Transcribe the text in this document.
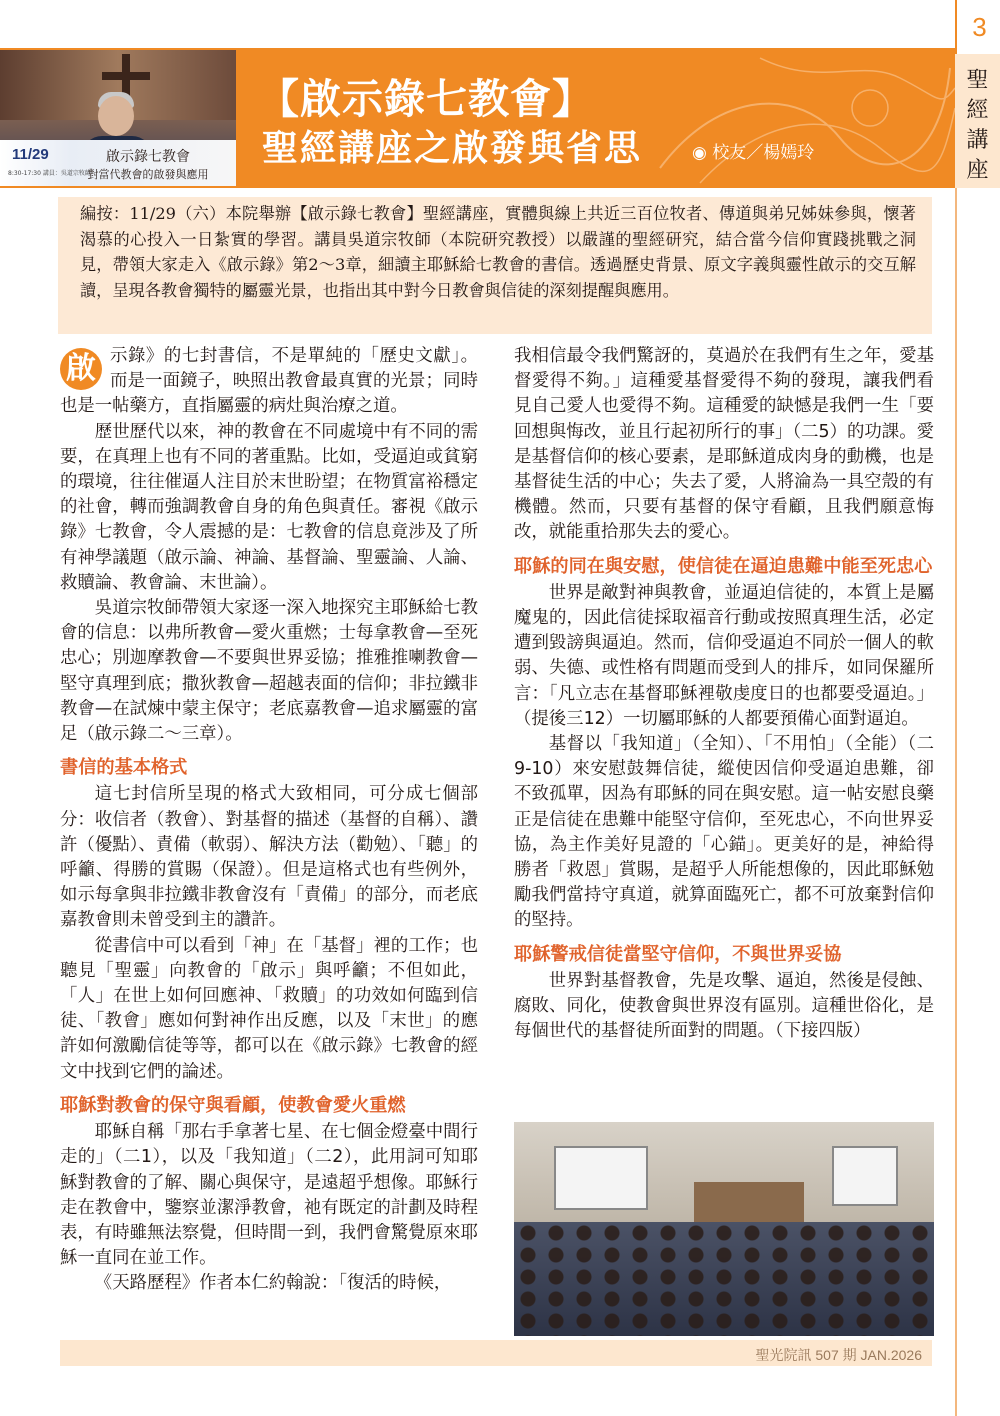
11/29
8:30-17:30 講員：吳道宗牧師
啟示錄七教會
對當代教會的啟發與應用
【啟示錄七教會】
聖經講座之啟發與省思	◉ 校友／楊嫣玲
3
聖
經
講
座
編按：11/29（六）本院舉辦【啟示錄七教會】聖經講座，實體與線上共近三百位牧者、傳道與弟兄姊妹參與，懷著渴慕的心投入一日紮實的學習。講員吳道宗牧師（本院研究教授）以嚴謹的聖經研究，結合當今信仰實踐挑戰之洞見，帶領大家走入《啟示錄》第2～3章，細讀主耶穌給七教會的書信。透過歷史背景、原文字義與靈性啟示的交互解讀，呈現各教會獨特的屬靈光景，也指出其中對今日教會與信徒的深刻提醒與應用。

啟 示錄》的七封書信，不是單純的「歷史文獻」。而是一面鏡子，映照出教會最真實的光景；同時也是一帖藥方，直指屬靈的病灶與治療之道。

歷世歷代以來，神的教會在不同處境中有不同的需要，在真理上也有不同的著重點。比如，受逼迫或貧窮的環境，往往催逼人注目於末世盼望；在物質富裕穩定的社會，轉而強調教會自身的角色與責任。審視《啟示錄》七教會，令人震撼的是：七教會的信息竟涉及了所有神學議題（啟示論、神論、基督論、聖靈論、人論、救贖論、教會論、末世論）。

吳道宗牧師帶領大家逐一深入地探究主耶穌給七教會的信息：以弗所教會—愛火重燃；士每拿教會—至死忠心；別迦摩教會—不要與世界妥協；推雅推喇教會—堅守真理到底；撒狄教會—超越表面的信仰；非拉鐵非教會—在試煉中蒙主保守；老底嘉教會—追求屬靈的富足（啟示錄二～三章）。

書信的基本格式

這七封信所呈現的格式大致相同，可分成七個部分：收信者（教會）、對基督的描述（基督的自稱）、讚許（優點）、責備（軟弱）、解決方法（勸勉）、「聽」的呼籲、得勝的賞賜（保證）。但是這格式也有些例外，如示每拿與非拉鐵非教會沒有「責備」的部分，而老底嘉教會則未曾受到主的讚許。

從書信中可以看到「神」在「基督」裡的工作；也聽見「聖靈」向教會的「啟示」與呼籲；不但如此，「人」在世上如何回應神、「救贖」的功效如何臨到信徒、「教會」應如何對神作出反應，以及「末世」的應許如何激勵信徒等等，都可以在《啟示錄》七教會的經文中找到它們的論述。

耶穌對教會的保守與看顧，使教會愛火重燃

耶穌自稱「那右手拿著七星、在七個金燈臺中間行走的」（二1），以及「我知道」（二2），此用詞可知耶穌對教會的了解、關心與保守，是遠超乎想像。耶穌行走在教會中，鑒察並潔淨教會，祂有既定的計劃及時程表，有時雖無法察覺，但時間一到，我們會驚覺原來耶穌一直同在並工作。

《天路歷程》作者本仁約翰說：「復活的時候，

我相信最令我們驚訝的，莫過於在我們有生之年，愛基督愛得不夠。」這種愛基督愛得不夠的發現，讓我們看見自己愛人也愛得不夠。這種愛的缺憾是我們一生「要回想與悔改，並且行起初所行的事」（二5）的功課。愛是基督信仰的核心要素，是耶穌道成肉身的動機，也是基督徒生活的中心；失去了愛，人將淪為一具空殼的有機體。然而，只要有基督的保守看顧，且我們願意悔改，就能重拾那失去的愛心。

耶穌的同在與安慰，使信徒在逼迫患難中能至死忠心

世界是敵對神與教會，並逼迫信徒的，本質上是屬魔鬼的，因此信徒採取福音行動或按照真理生活，必定遭到毀謗與逼迫。然而，信仰受逼迫不同於一個人的軟弱、失德、或性格有問題而受到人的排斥，如同保羅所言：「凡立志在基督耶穌裡敬虔度日的也都要受逼迫。」（提後三12）一切屬耶穌的人都要預備心面對逼迫。

基督以「我知道」（全知）、「不用怕」（全能）（二9-10）來安慰鼓舞信徒，縱使因信仰受逼迫患難，卻不致孤單，因為有耶穌的同在與安慰。這一帖安慰良藥正是信徒在患難中能堅守信仰，至死忠心，不向世界妥協，為主作美好見證的「心錨」。更美好的是，神給得勝者「救恩」賞賜，是超乎人所能想像的，因此耶穌勉勵我們當持守真道，就算面臨死亡，都不可放棄對信仰的堅持。

耶穌警戒信徒當堅守信仰，不與世界妥協

世界對基督教會，先是攻擊、逼迫，然後是侵蝕、腐敗、同化，使教會與世界沒有區別。這種世俗化，是每個世代的基督徒所面對的問題。（下接四版）

聖光院訊 507 期 JAN.2026
